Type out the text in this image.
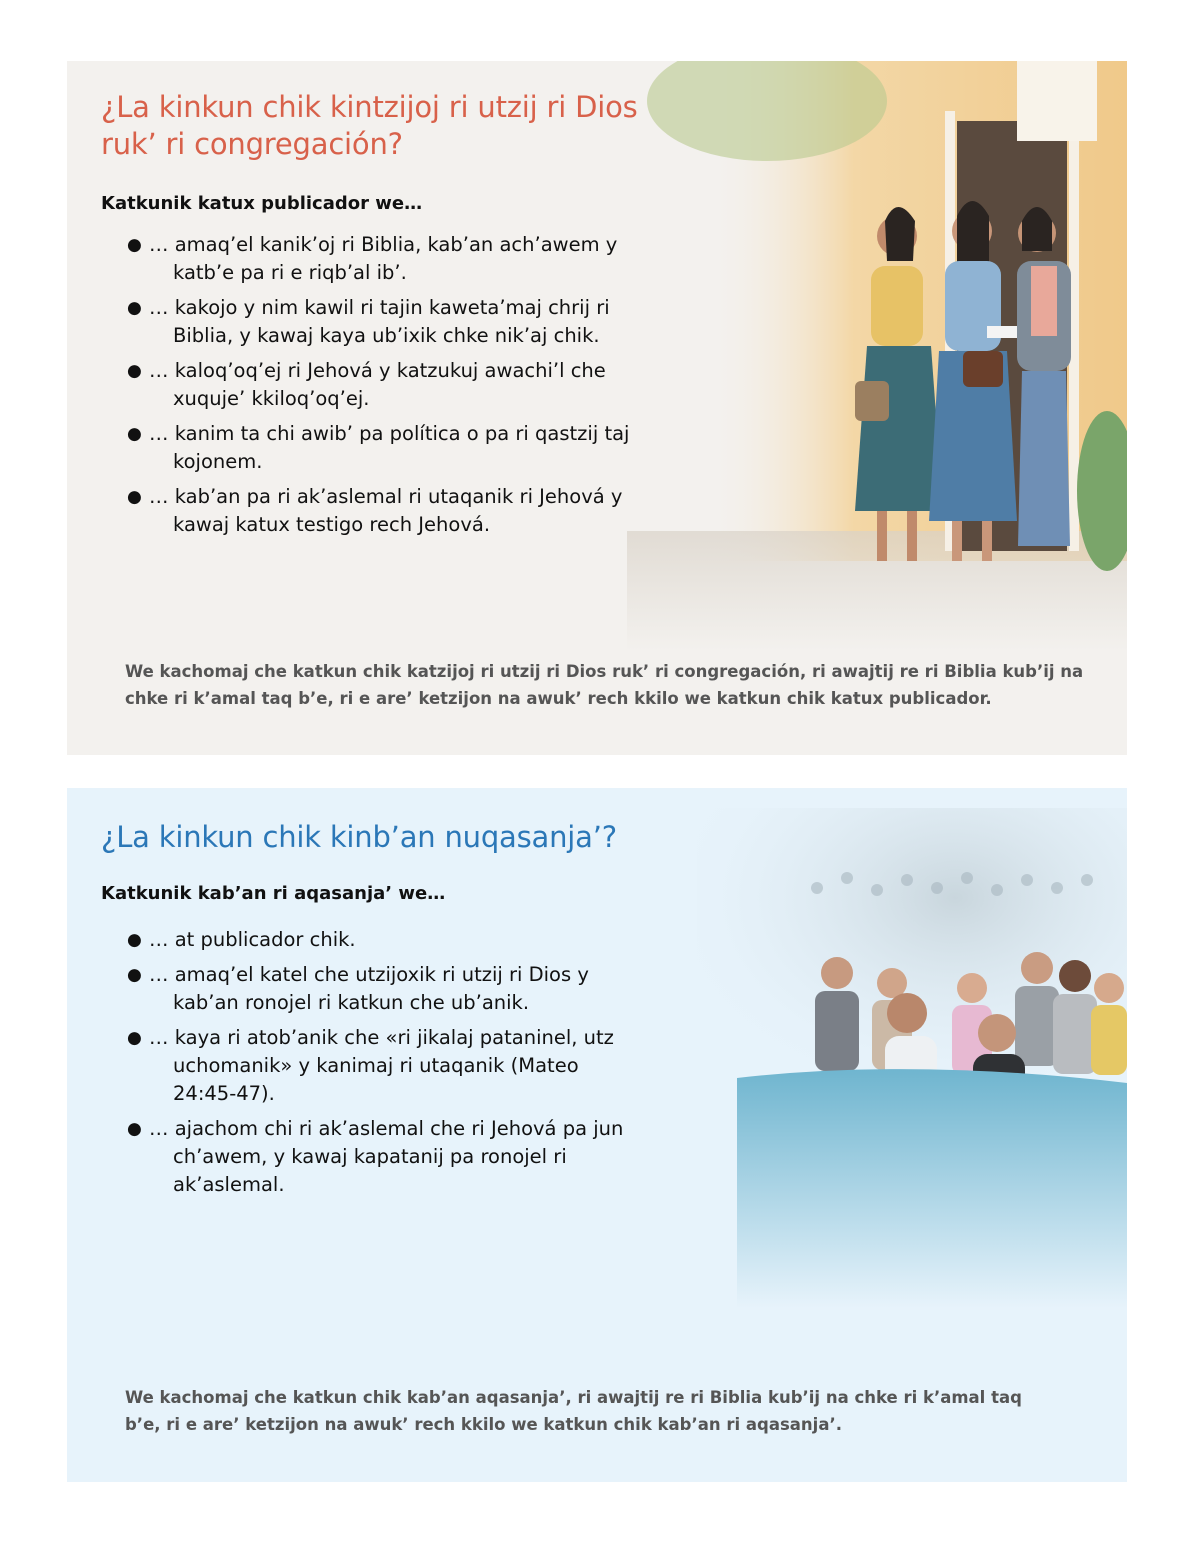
¿La kinkun chik kintzijoj ri utzij ri Dios ruk’ ri congregación?

Katkunik katux publicador we…

● … amaq’el kanik’oj ri Biblia, kab’an ach’awem y katb’e pa ri e riqb’al ib’.
● … kakojo y nim kawil ri tajin kaweta’maj chrij ri Biblia, y kawaj kaya ub’ixik chke nik’aj chik.
● … kaloq’oq’ej ri Jehová y katzukuj awachi’l che xuquje’ kkiloq’oq’ej.
● … kanim ta chi awib’ pa política o pa ri qastzij taj kojonem.
● … kab’an pa ri ak’aslemal ri utaqanik ri Jehová y kawaj katux testigo rech Jehová.

We kachomaj che katkun chik katzijoj ri utzij ri Dios ruk’ ri congregación, ri awajtij re ri Biblia kub’ij na chke ri k’amal taq b’e, ri e are’ ketzijon na awuk’ rech kkilo we katkun chik katux publicador.

¿La kinkun chik kinb’an nuqasanja’?

Katkunik kab’an ri aqasanja’ we…

● … at publicador chik.
● … amaq’el katel che utzijoxik ri utzij ri Dios y kab’an ronojel ri katkun che ub’anik.
● … kaya ri atob’anik che «ri jikalaj pataninel, utz uchomanik» y kanimaj ri utaqanik (Mateo 24:45-47).
● … ajachom chi ri ak’aslemal che ri Jehová pa jun ch’awem, y kawaj kapatanij pa ronojel ri ak’aslemal.

We kachomaj che katkun chik kab’an aqasanja’, ri awajtij re ri Biblia kub’ij na chke ri k’amal taq b’e, ri e are’ ketzijon na awuk’ rech kkilo we katkun chik kab’an ri aqasanja’.
